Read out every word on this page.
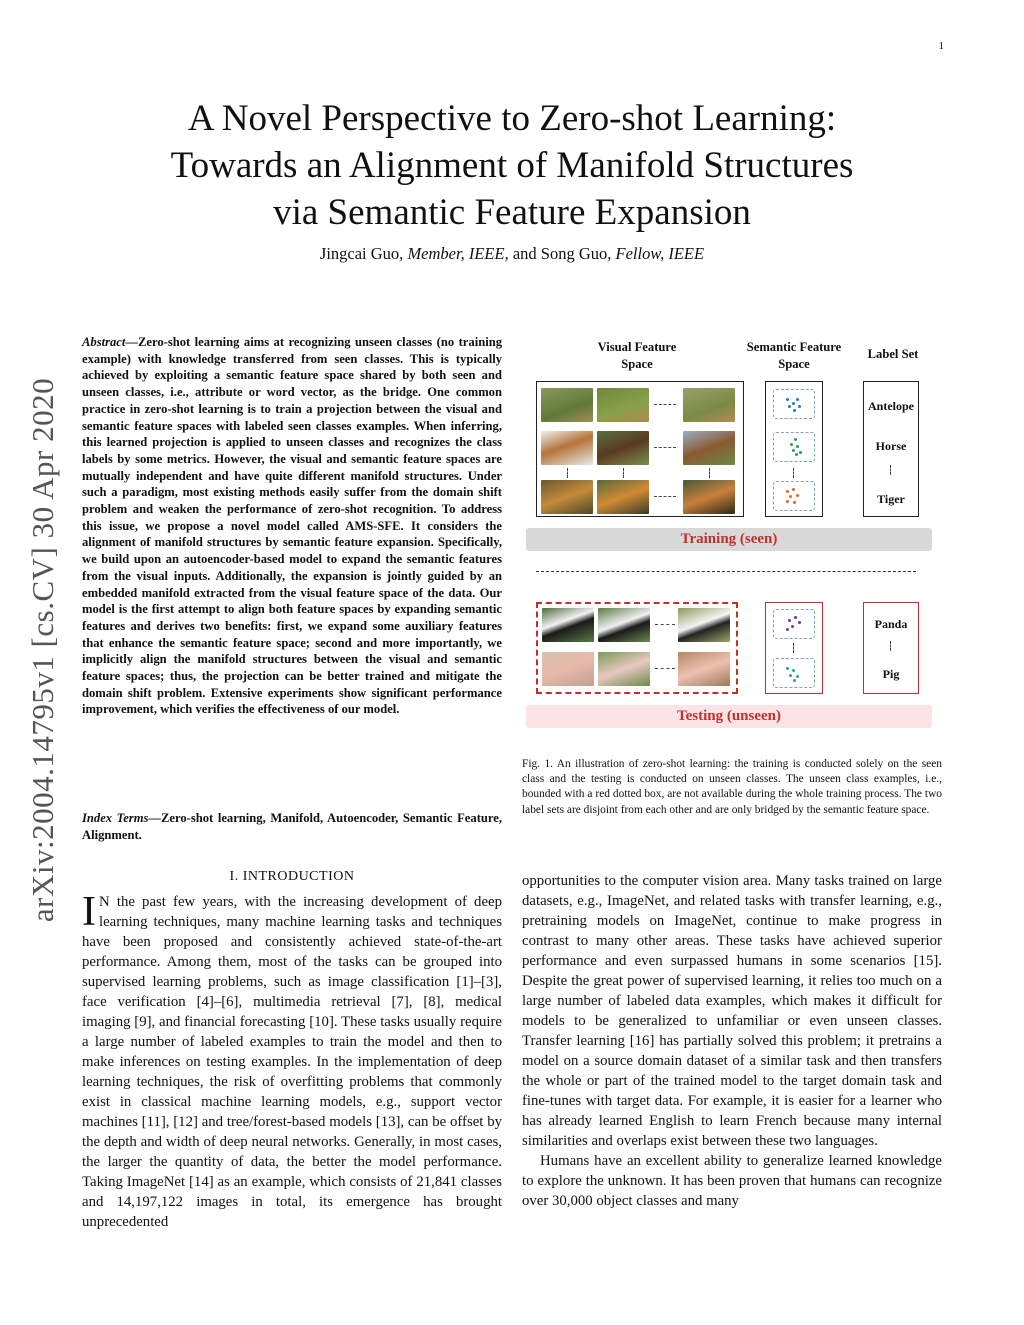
1
arXiv:2004.14795v1 [cs.CV] 30 Apr 2020
A Novel Perspective to Zero-shot Learning:
Towards an Alignment of Manifold Structures
via Semantic Feature Expansion
Jingcai Guo, Member, IEEE, and Song Guo, Fellow, IEEE
Abstract—Zero-shot learning aims at recognizing unseen classes (no training example) with knowledge transferred from seen classes. This is typically achieved by exploiting a semantic feature space shared by both seen and unseen classes, i.e., attribute or word vector, as the bridge. One common practice in zero-shot learning is to train a projection between the visual and semantic feature spaces with labeled seen classes examples. When inferring, this learned projection is applied to unseen classes and recognizes the class labels by some metrics. However, the visual and semantic feature spaces are mutually independent and have quite different manifold structures. Under such a paradigm, most existing methods easily suffer from the domain shift problem and weaken the performance of zero-shot recognition. To address this issue, we propose a novel model called AMS-SFE. It considers the alignment of manifold structures by semantic feature expansion. Specifically, we build upon an autoencoder-based model to expand the semantic features from the visual inputs. Additionally, the expansion is jointly guided by an embedded manifold extracted from the visual feature space of the data. Our model is the first attempt to align both feature spaces by expanding semantic features and derives two benefits: first, we expand some auxiliary features that enhance the semantic feature space; second and more importantly, we implicitly align the manifold structures between the visual and semantic feature spaces; thus, the projection can be better trained and mitigate the domain shift problem. Extensive experiments show significant performance improvement, which verifies the effectiveness of our model.
Index Terms—Zero-shot learning, Manifold, Autoencoder, Semantic Feature, Alignment.
I. INTRODUCTION
I N the past few years, with the increasing development of deep learning techniques, many machine learning tasks and techniques have been proposed and consistently achieved state-of-the-art performance. Among them, most of the tasks can be grouped into supervised learning problems, such as image classification [1]–[3], face verification [4]–[6], multimedia retrieval [7], [8], medical imaging [9], and financial forecasting [10]. These tasks usually require a large number of labeled examples to train the model and then to make inferences on testing examples. In the implementation of deep learning techniques, the risk of overfitting problems that commonly exist in classical machine learning models, e.g., support vector machines [11], [12] and tree/forest-based models [13], can be offset by the depth and width of deep neural networks. Generally, in most cases, the larger the quantity of data, the better the model performance. Taking ImageNet [14] as an example, which consists of 21,841 classes and 14,197,122 images in total, its emergence has brought unprecedented
opportunities to the computer vision area. Many tasks trained on large datasets, e.g., ImageNet, and related tasks with transfer learning, e.g., pretraining models on ImageNet, continue to make progress in contrast to many other areas. These tasks have achieved superior performance and even surpassed humans in some scenarios [15]. Despite the great power of supervised learning, it relies too much on a large number of labeled data examples, which makes it difficult for models to be generalized to unfamiliar or even unseen classes. Transfer learning [16] has partially solved this problem; it pretrains a model on a source domain dataset of a similar task and then transfers the whole or part of the trained model to the target domain task and fine-tunes with target data. For example, it is easier for a learner who has already learned English to learn French because many internal similarities and overlaps exist between these two languages.
Humans have an excellent ability to generalize learned knowledge to explore the unknown. It has been proven that humans can recognize over 30,000 object classes and many
Visual Feature Space
Semantic Feature Space
Label Set
Antelope
Horse
Tiger
Training (seen)
Panda
Pig
Testing (unseen)
Fig. 1. An illustration of zero-shot learning: the training is conducted solely on the seen class and the testing is conducted on unseen classes. The unseen class examples, i.e., bounded with a red dotted box, are not available during the whole training process. The two label sets are disjoint from each other and are only bridged by the semantic feature space.
